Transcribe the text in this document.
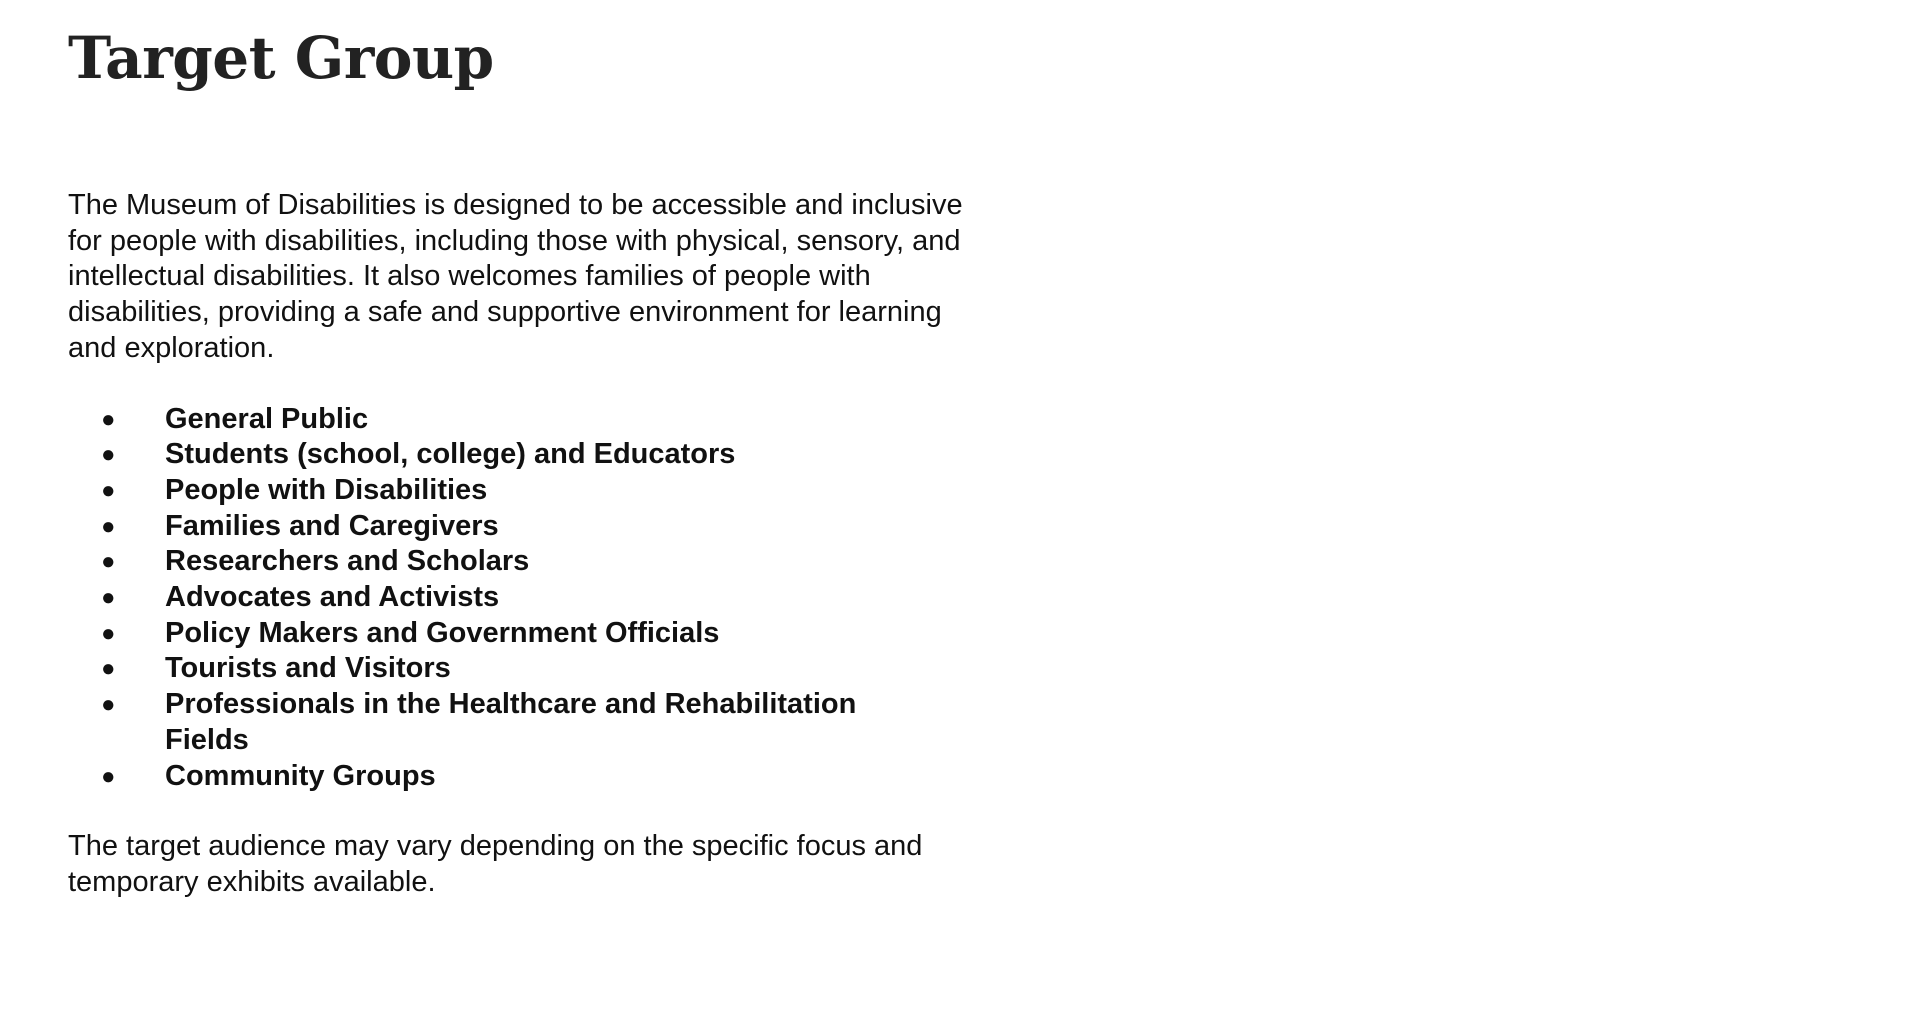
Target Group

The Museum of Disabilities is designed to be accessible and inclusive for people with disabilities, including those with physical, sensory, and intellectual disabilities. It also welcomes families of people with disabilities, providing a safe and supportive environment for learning and exploration.

● General Public
● Students (school, college) and Educators
● People with Disabilities
● Families and Caregivers
● Researchers and Scholars
● Advocates and Activists
● Policy Makers and Government Officials
● Tourists and Visitors
● Professionals in the Healthcare and Rehabilitation Fields
● Community Groups

The target audience may vary depending on the specific focus and temporary exhibits available.
